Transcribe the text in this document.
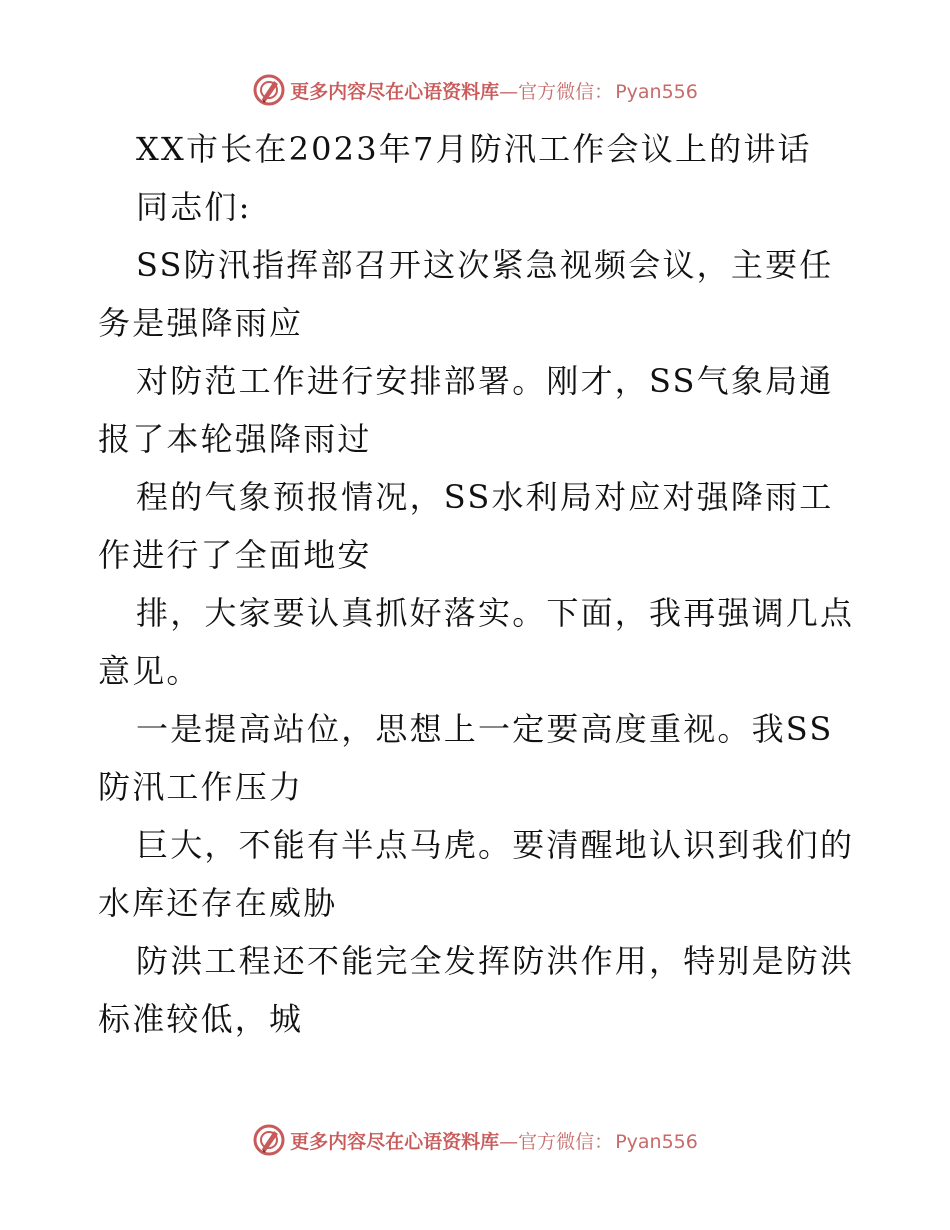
更多内容尽在心语资料库—官方微信： Pyan556
XX市长在2023年7月防汛工作会议上的讲话
同志们:
SS防汛指挥部召开这次紧急视频会议，主要任
务是强降雨应
对防范工作进行安排部署。刚才，SS气象局通
报了本轮强降雨过
程的气象预报情况，SS水利局对应对强降雨工
作进行了全面地安
排，大家要认真抓好落实。下面，我再强调几点
意见。
一是提高站位，思想上一定要高度重视。我SS
防汛工作压力
巨大，不能有半点马虎。要清醒地认识到我们的
水库还存在威胁
防洪工程还不能完全发挥防洪作用，特别是防洪
标准较低，城
更多内容尽在心语资料库—官方微信： Pyan556
